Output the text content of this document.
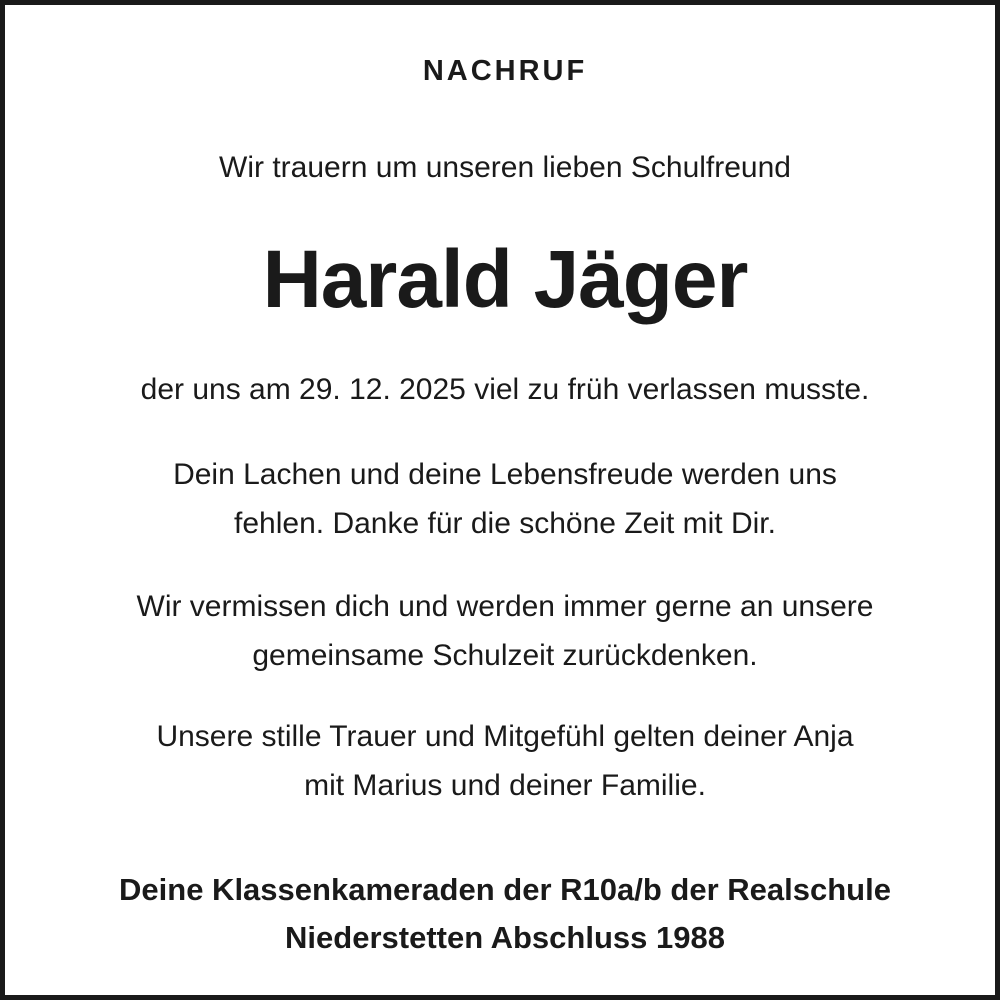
NACHRUF
Wir trauern um unseren lieben Schulfreund
Harald Jäger
der uns am 29. 12. 2025 viel zu früh verlassen musste.
Dein Lachen und deine Lebensfreude werden uns
fehlen. Danke für die schöne Zeit mit Dir.
Wir vermissen dich und werden immer gerne an unsere
gemeinsame Schulzeit zurückdenken.
Unsere stille Trauer und Mitgefühl gelten deiner Anja
mit Marius und deiner Familie.
Deine Klassenkameraden der R10a/b der Realschule
Niederstetten Abschluss 1988
